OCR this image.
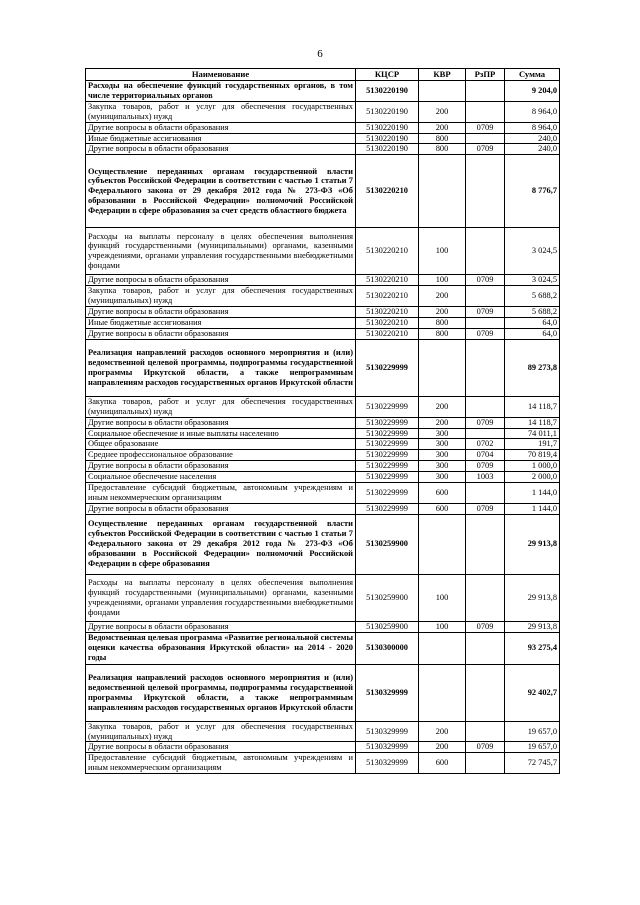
6
Наименование	КЦСР	КВР	РзПР	Сумма
Расходы на обеспечение функций государственных органов, в том числе территориальных органов	5130220190			9 204,0
Закупка товаров, работ и услуг для обеспечения государственных (муниципальных) нужд	5130220190	200		8 964,0
Другие вопросы в области образования	5130220190	200	0709	8 964,0
Иные бюджетные ассигнования	5130220190	800		240,0
Другие вопросы в области образования	5130220190	800	0709	240,0
Осуществление переданных органам государственной власти субъектов Российской Федерации в соответствии с частью 1 статьи 7 Федерального закона от 29 декабря 2012 года № 273-ФЗ «Об образовании в Российской Федерации» полномочий Российской Федерации в сфере образования за счет средств областного бюджета	5130220210			8 776,7
Расходы на выплаты персоналу в целях обеспечения выполнения функций государственными (муниципальными) органами, казенными учреждениями, органами управления государственными внебюджетными фондами	5130220210	100		3 024,5
Другие вопросы в области образования	5130220210	100	0709	3 024,5
Закупка товаров, работ и услуг для обеспечения государственных (муниципальных) нужд	5130220210	200		5 688,2
Другие вопросы в области образования	5130220210	200	0709	5 688,2
Иные бюджетные ассигнования	5130220210	800		64,0
Другие вопросы в области образования	5130220210	800	0709	64,0
Реализация направлений расходов основного мероприятия и (или) ведомственной целевой программы, подпрограммы государственной программы Иркутской области, а также непрограммным направлениям расходов государственных органов Иркутской области	5130229999			89 273,8
Закупка товаров, работ и услуг для обеспечения государственных (муниципальных) нужд	5130229999	200		14 118,7
Другие вопросы в области образования	5130229999	200	0709	14 118,7
Социальное обеспечение и иные выплаты населению	5130229999	300		74 011,1
Общее образование	5130229999	300	0702	191,7
Среднее профессиональное образование	5130229999	300	0704	70 819,4
Другие вопросы в области образования	5130229999	300	0709	1 000,0
Социальное обеспечение населения	5130229999	300	1003	2 000,0
Предоставление субсидий бюджетным, автономным учреждениям и иным некоммерческим организациям	5130229999	600		1 144,0
Другие вопросы в области образования	5130229999	600	0709	1 144,0
Осуществление переданных органам государственной власти субъектов Российской Федерации в соответствии с частью 1 статьи 7 Федерального закона от 29 декабря 2012 года № 273-ФЗ «Об образовании в Российской Федерации» полномочий Российской Федерации в сфере образования	5130259900			29 913,8
Расходы на выплаты персоналу в целях обеспечения выполнения функций государственными (муниципальными) органами, казенными учреждениями, органами управления государственными внебюджетными фондами	5130259900	100		29 913,8
Другие вопросы в области образования	5130259900	100	0709	29 913,8
Ведомственная целевая программа «Развитие региональной системы оценки качества образования Иркутской области» на 2014 - 2020 годы	5130300000			93 275,4
Реализация направлений расходов основного мероприятия и (или) ведомственной целевой программы, подпрограммы государственной программы Иркутской области, а также непрограммным направлениям расходов государственных органов Иркутской области	5130329999			92 402,7
Закупка товаров, работ и услуг для обеспечения государственных (муниципальных) нужд	5130329999	200		19 657,0
Другие вопросы в области образования	5130329999	200	0709	19 657,0
Предоставление субсидий бюджетным, автономным учреждениям и иным некоммерческим организациям	5130329999	600		72 745,7
